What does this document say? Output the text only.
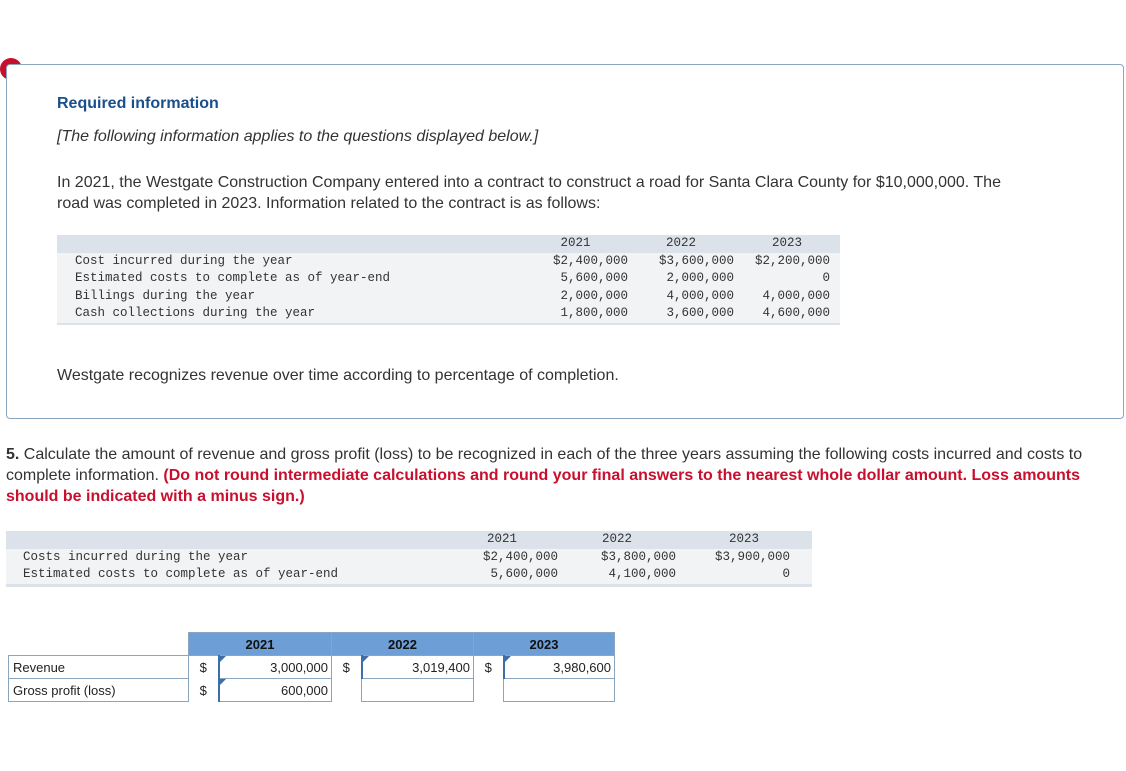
Required information
[The following information applies to the questions displayed below.]
In 2021, the Westgate Construction Company entered into a contract to construct a road for Santa Clara County for $10,000,000. The road was completed in 2023. Information related to the contract is as follows:
	2021	2022	2023
Cost incurred during the year	$2,400,000	$3,600,000	$2,200,000
Estimated costs to complete as of year-end	5,600,000	2,000,000	0
Billings during the year	2,000,000	4,000,000	4,000,000
Cash collections during the year	1,800,000	3,600,000	4,600,000
Westgate recognizes revenue over time according to percentage of completion.
5. Calculate the amount of revenue and gross profit (loss) to be recognized in each of the three years assuming the following costs incurred and costs to complete information. (Do not round intermediate calculations and round your final answers to the nearest whole dollar amount. Loss amounts should be indicated with a minus sign.)
	2021	2022	2023
Costs incurred during the year	$2,400,000	$3,800,000	$3,900,000
Estimated costs to complete as of year-end	5,600,000	4,100,000	0
	2021		2022		2023	
Revenue	$	3,000,000	$	3,019,400	$	3,980,600

Gross profit (loss)	$	600,000
